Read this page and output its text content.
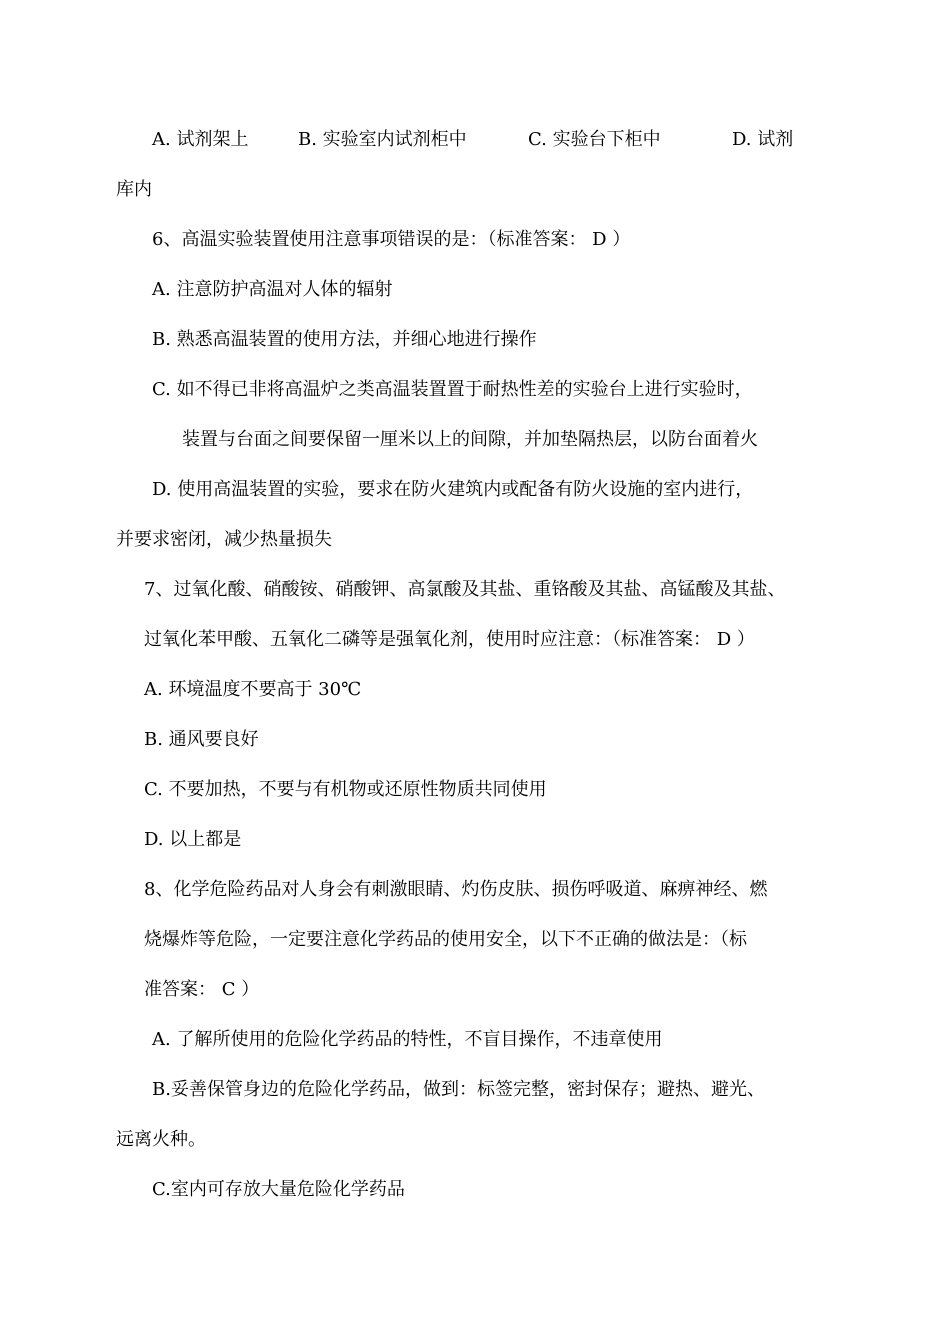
A. 试剂架上	B. 实验室内试剂柜中	C. 实验台下柜中	D. 试剂
库内
6、高温实验装置使用注意事项错误的是：（标准答案： D ）
A. 注意防护高温对人体的辐射
B. 熟悉高温装置的使用方法，并细心地进行操作
C. 如不得已非将高温炉之类高温装置置于耐热性差的实验台上进行实验时，
装置与台面之间要保留一厘米以上的间隙，并加垫隔热层，以防台面着火
D. 使用高温装置的实验，要求在防火建筑内或配备有防火设施的室内进行，
并要求密闭，减少热量损失
7、过氧化酸、硝酸铵、硝酸钾、高氯酸及其盐、重铬酸及其盐、高锰酸及其盐、
过氧化苯甲酸、五氧化二磷等是强氧化剂，使用时应注意：（标准答案： D ）
A. 环境温度不要高于 30℃
B. 通风要良好
C. 不要加热，不要与有机物或还原性物质共同使用
D. 以上都是
8、化学危险药品对人身会有刺激眼睛、灼伤皮肤、损伤呼吸道、麻痹神经、燃
烧爆炸等危险，一定要注意化学药品的使用安全，以下不正确的做法是：（标
准答案： C ）
A. 了解所使用的危险化学药品的特性，不盲目操作，不违章使用
B.妥善保管身边的危险化学药品，做到：标签完整，密封保存；避热、避光、
远离火种。
C.室内可存放大量危险化学药品
